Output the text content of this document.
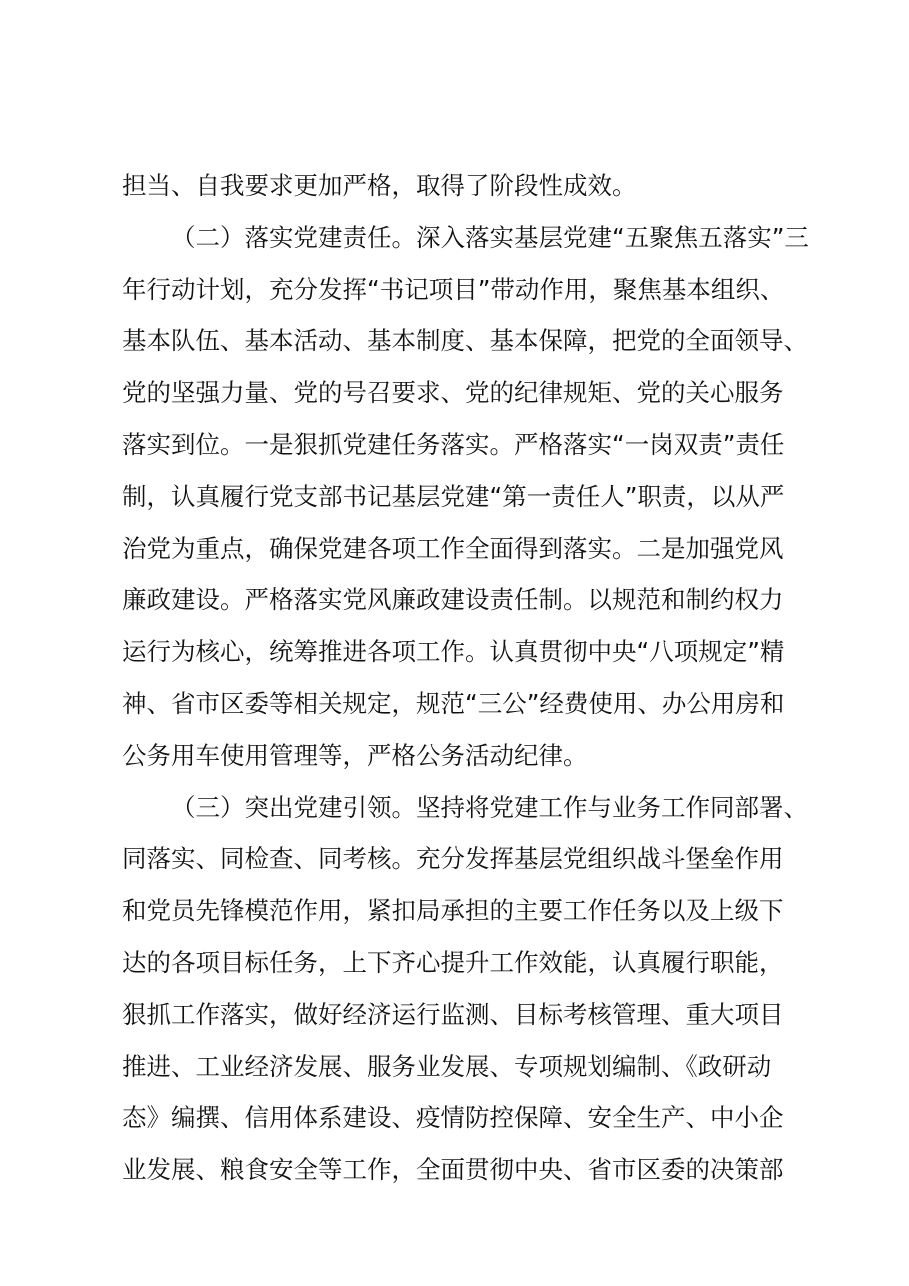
担当、自我要求更加严格，取得了阶段性成效。
（二）落实党建责任。深入落实基层党建“五聚焦五落实”三
年行动计划，充分发挥“书记项目”带动作用，聚焦基本组织、
基本队伍、基本活动、基本制度、基本保障，把党的全面领导、
党的坚强力量、党的号召要求、党的纪律规矩、党的关心服务
落实到位。一是狠抓党建任务落实。严格落实“一岗双责”责任
制，认真履行党支部书记基层党建“第一责任人”职责，以从严
治党为重点，确保党建各项工作全面得到落实。二是加强党风
廉政建设。严格落实党风廉政建设责任制。以规范和制约权力
运行为核心，统筹推进各项工作。认真贯彻中央“八项规定”精
神、省市区委等相关规定，规范“三公”经费使用、办公用房和
公务用车使用管理等，严格公务活动纪律。
（三）突出党建引领。坚持将党建工作与业务工作同部署、
同落实、同检查、同考核。充分发挥基层党组织战斗堡垒作用
和党员先锋模范作用，紧扣局承担的主要工作任务以及上级下
达的各项目标任务，上下齐心提升工作效能，认真履行职能，
狠抓工作落实，做好经济运行监测、目标考核管理、重大项目
推进、工业经济发展、服务业发展、专项规划编制、《政研动
态》编撰、信用体系建设、疫情防控保障、安全生产、中小企
业发展、粮食安全等工作，全面贯彻中央、省市区委的决策部
